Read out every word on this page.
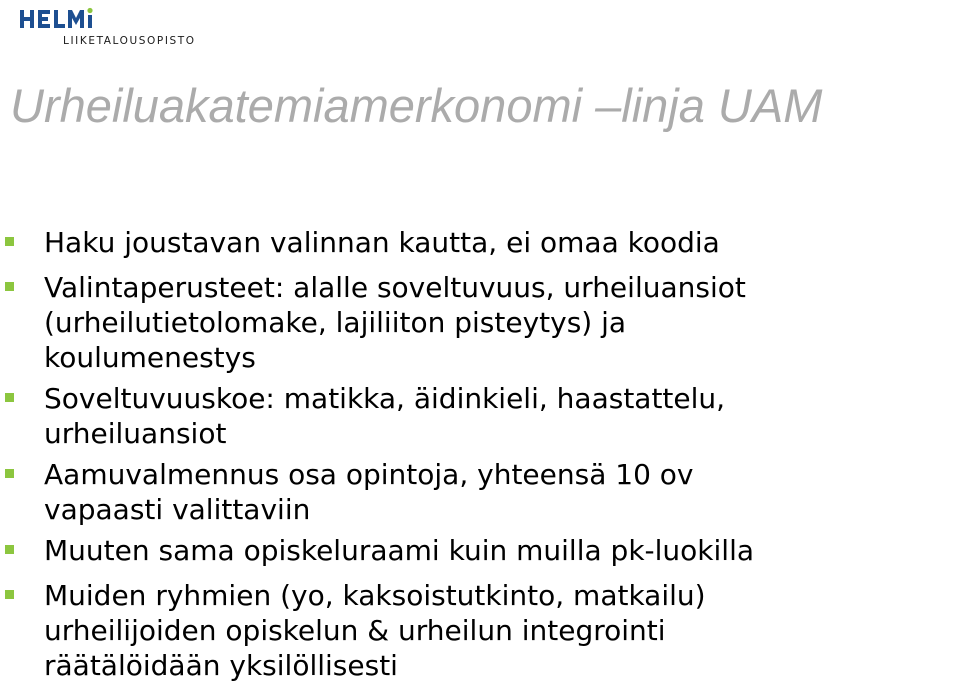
LIIKETALOUSOPISTO
Urheiluakatemiamerkonomi –linja UAM
Haku joustavan valinnan kautta, ei omaa koodia
Valintaperusteet: alalle soveltuvuus, urheiluansiot
(urheilutietolomake, lajiliiton pisteytys) ja
koulumenestys
Soveltuvuuskoe: matikka, äidinkieli, haastattelu,
urheiluansiot
Aamuvalmennus osa opintoja, yhteensä 10 ov
vapaasti valittaviin
Muuten sama opiskeluraami kuin muilla pk-luokilla
Muiden ryhmien (yo, kaksoistutkinto, matkailu)
urheilijoiden opiskelun & urheilun integrointi
räätälöidään yksilöllisesti
